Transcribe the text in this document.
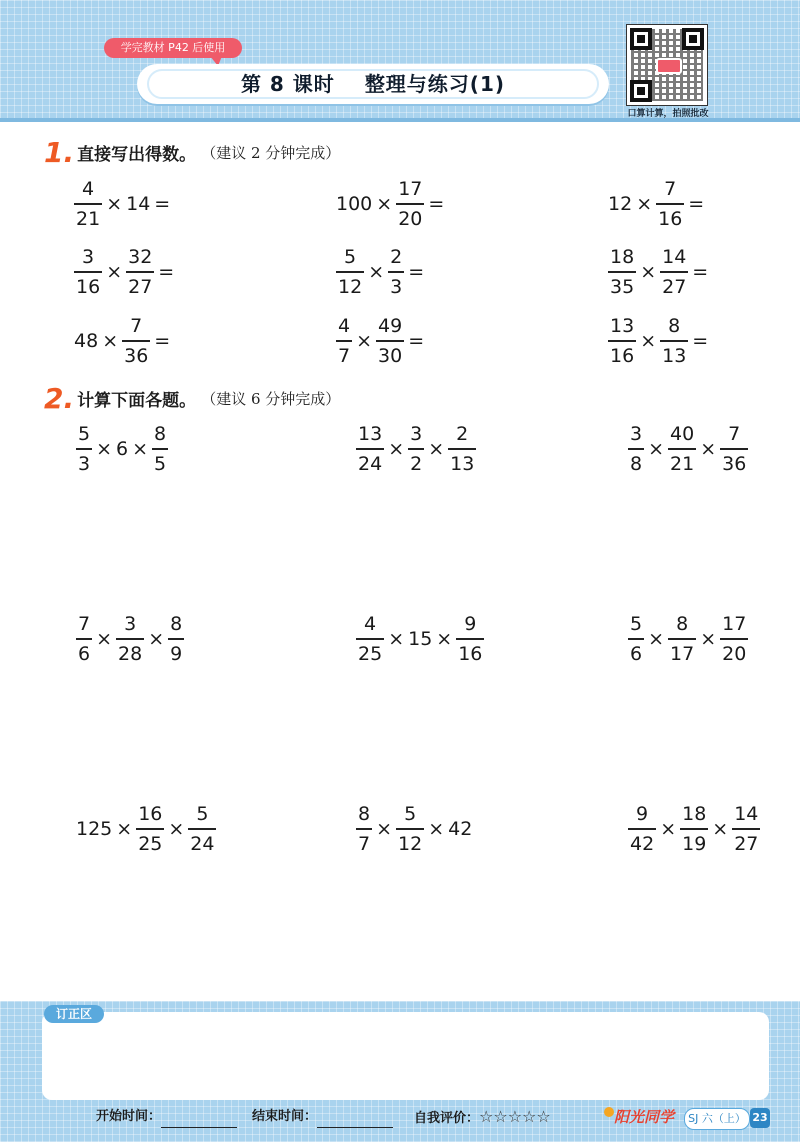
学完教材 P42 后使用
第 8 课时 整理与练习(1)
口算计算，拍照批改
1. 直接写出得数。 （建议 2 分钟完成）
$\frac{4}{21} \times 14$ =	$100 \times \frac{17}{20}$ =	$12 \times \frac{7}{16}$ =
$\frac{3}{16} \times \frac{32}{27}$ =	$\frac{5}{12} \times \frac{2}{3}$ =	$\frac{18}{35} \times \frac{14}{27}$ =
$48 \times \frac{7}{36}$ =	$\frac{4}{7} \times \frac{49}{30}$ =	$\frac{13}{16} \times \frac{8}{13}$ =
2. 计算下面各题。 （建议 6 分钟完成）
$\frac{5}{3} \times 6 \times \frac{8}{5}$	$\frac{13}{24} \times \frac{3}{2} \times \frac{2}{13}$	$\frac{3}{8} \times \frac{40}{21} \times \frac{7}{36}$
$\frac{7}{6} \times \frac{3}{28} \times \frac{8}{9}$	$\frac{4}{25} \times 15 \times \frac{9}{16}$	$\frac{5}{6} \times \frac{8}{17} \times \frac{17}{20}$
$125 \times \frac{16}{25} \times \frac{5}{24}$	$\frac{8}{7} \times \frac{5}{12} \times 42$	$\frac{9}{42} \times \frac{18}{19} \times \frac{14}{27}$
订正区
开始时间：	结束时间：	自我评价：☆☆☆☆☆	阳光同学	SJ 六（上） 23
